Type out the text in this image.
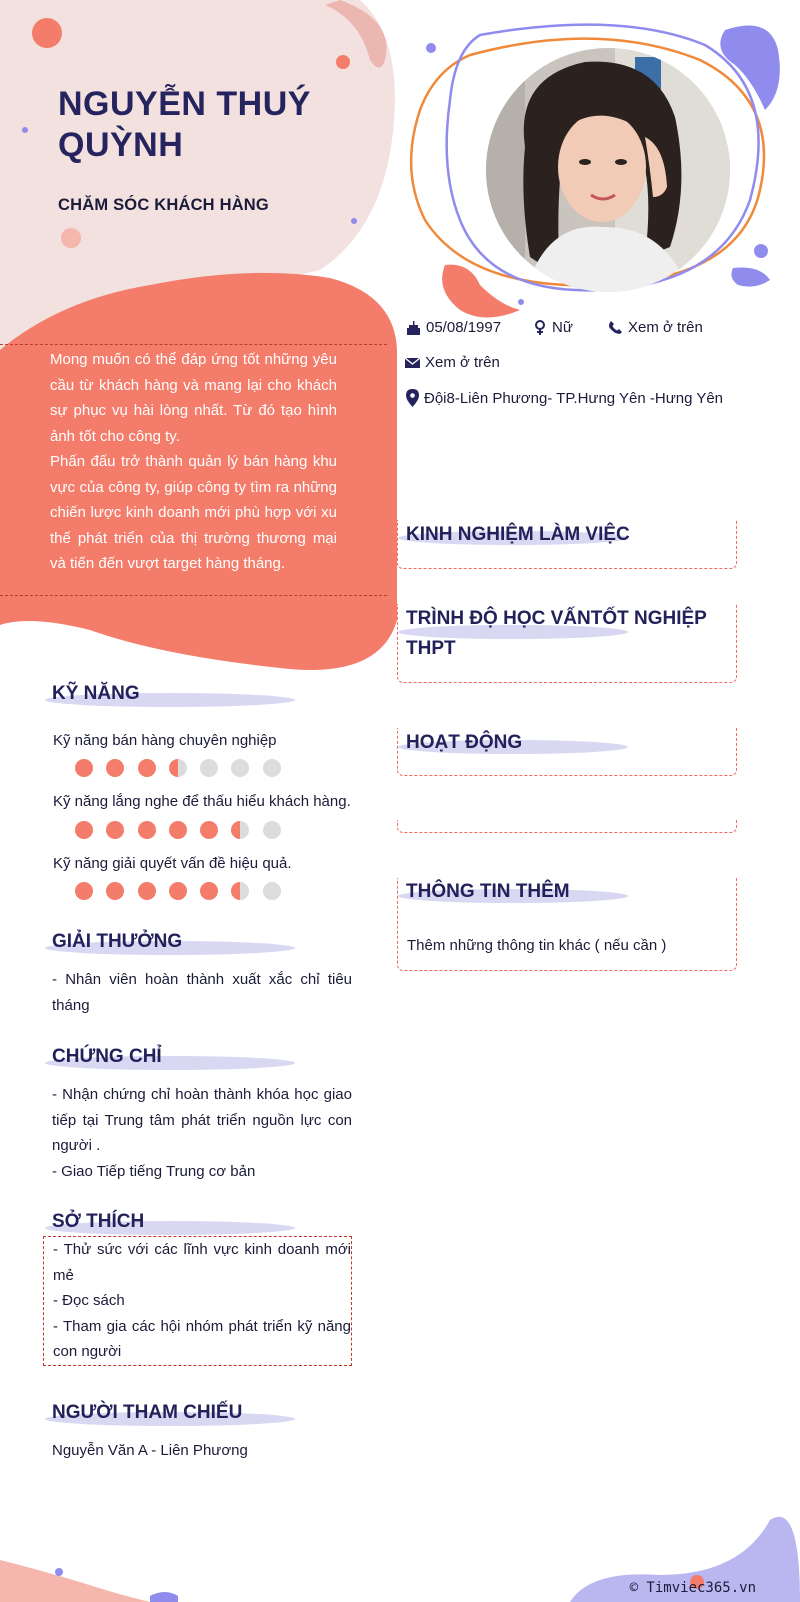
NGUYỄN THUÝ QUỲNH
CHĂM SÓC KHÁCH HÀNG

Mong muốn có thể đáp ứng tốt những yêu cầu từ khách hàng và mang lại cho khách sự phục vụ hài lòng nhất. Từ đó tạo hình ảnh tốt cho công ty.

Phấn đấu trở thành quản lý bán hàng khu vực của công ty, giúp công ty tìm ra những chiến lược kinh doanh mới phù hợp với xu thế phát triển của thị trường thương mại và tiến đến vượt target hàng tháng.

05/08/1997	Nữ	Xem ở trên
Xem ở trên
Đội8-Liên Phương- TP.Hưng Yên -Hưng Yên
KỸ NĂNG
Kỹ năng bán hàng chuyên nghiệp
Kỹ năng lắng nghe để thấu hiểu khách hàng.
Kỹ năng giải quyết vấn đề hiệu quả.
GIẢI THƯỞNG
- Nhân viên hoàn thành xuất xắc chỉ tiêu tháng
CHỨNG CHỈ

- Nhận chứng chỉ hoàn thành khóa học giao tiếp tại Trung tâm phát triển nguồn lực con người .

- Giao Tiếp tiếng Trung cơ bản

SỞ THÍCH

- Thử sức với các lĩnh vực kinh doanh mới mẻ

- Đọc sách

- Tham gia các hội nhóm phát triển kỹ năng con người

NGƯỜI THAM CHIẾU
Nguyễn Văn A - Liên Phương
KINH NGHIỆM LÀM VIỆC
TRÌNH ĐỘ HỌC VẤNTỐT NGHIỆP THPT
HOẠT ĐỘNG
THÔNG TIN THÊM
Thêm những thông tin khác ( nếu cần )
© Timviec365.vn
